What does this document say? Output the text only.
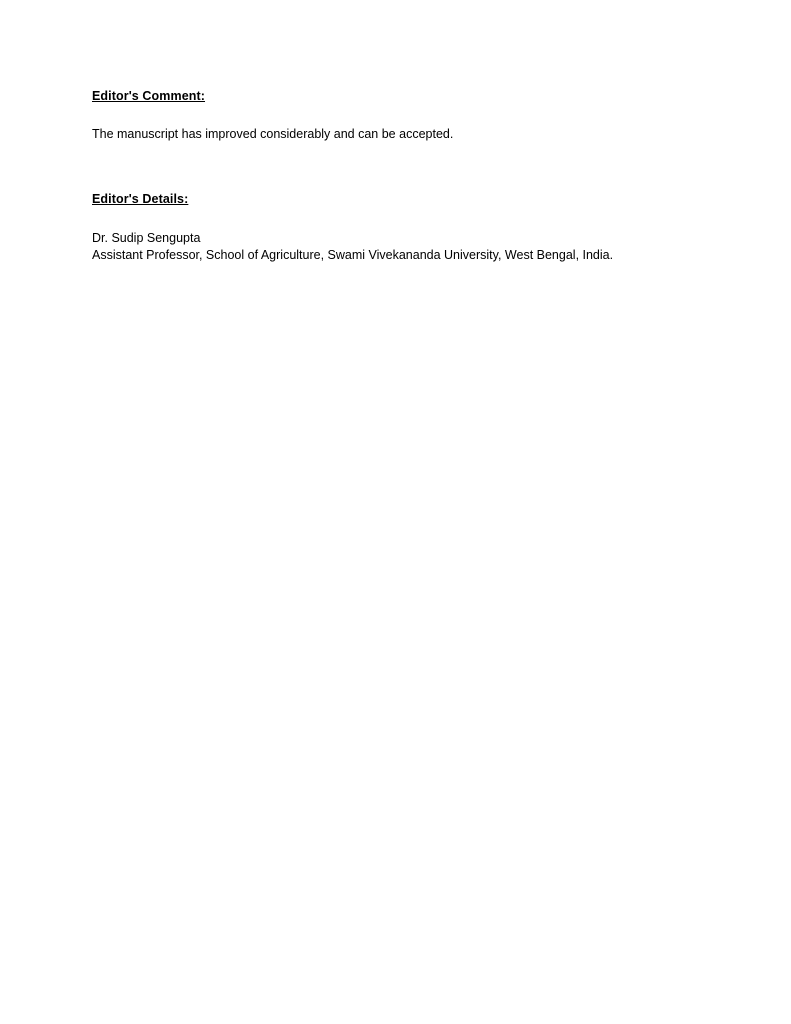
Editor's Comment:

The manuscript has improved considerably and can be accepted.

Editor's Details:

Dr. Sudip Sengupta

Assistant Professor, School of Agriculture, Swami Vivekananda University, West Bengal, India.
